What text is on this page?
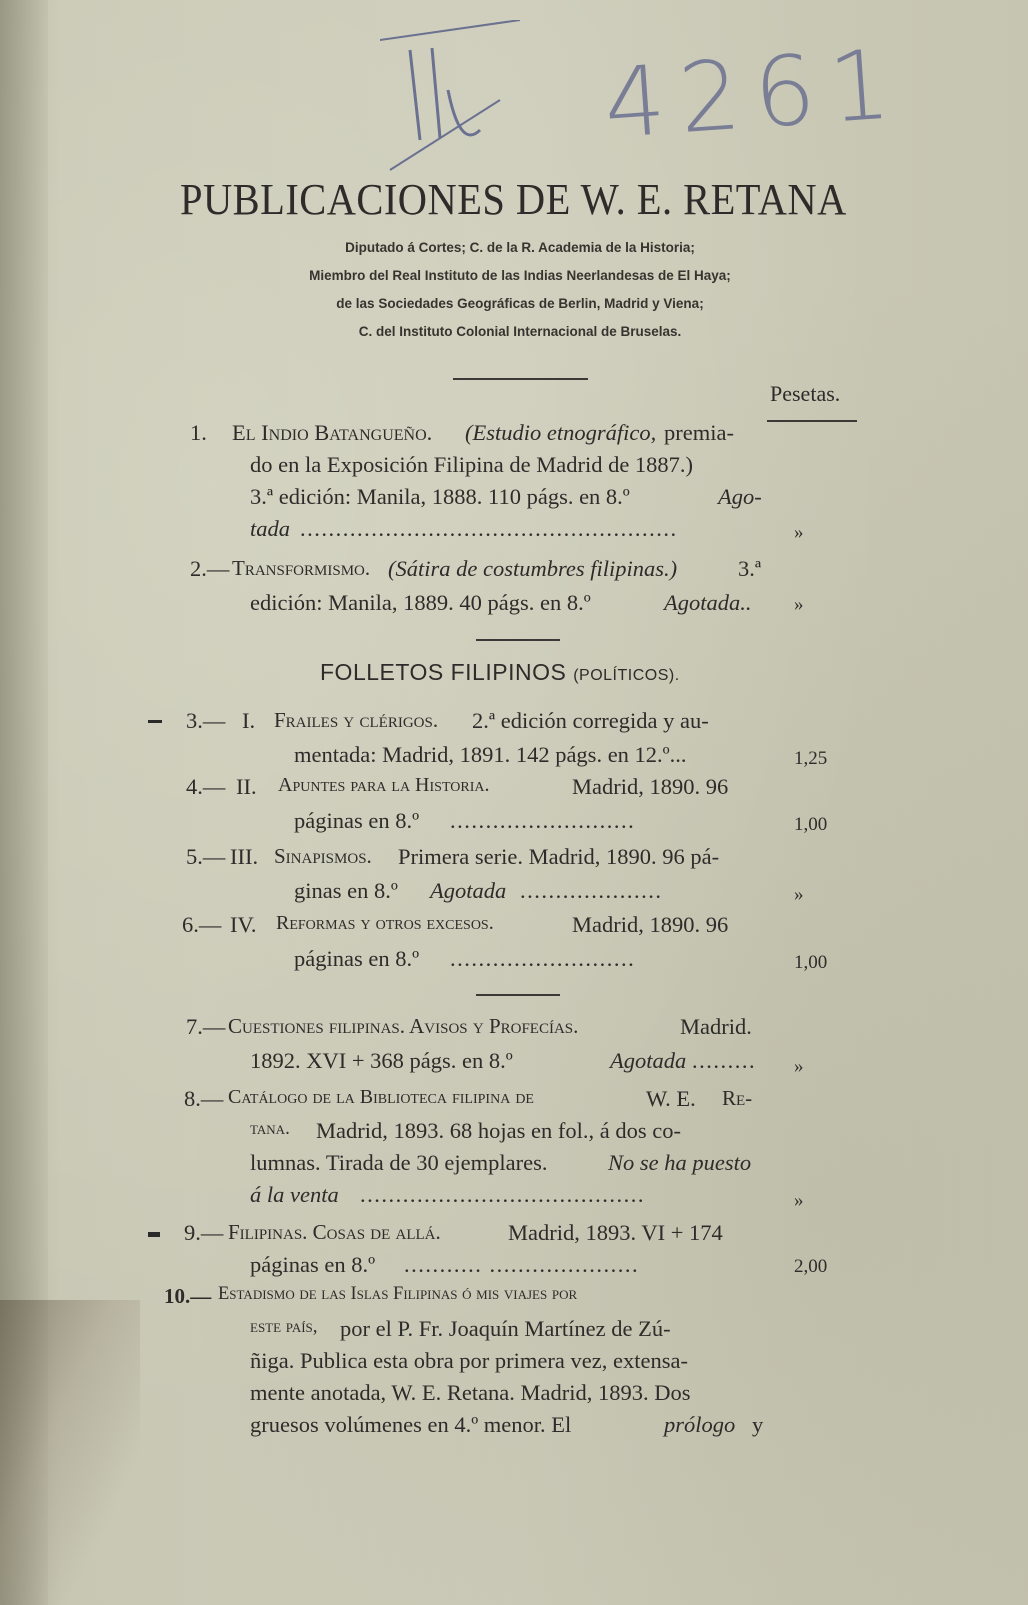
4261
PUBLICACIONES DE W. E. RETANA
Diputado á Cortes; C. de la R. Academia de la Historia;
Miembro del Real Instituto de las Indias Neerlandesas de El Haya;
de las Sociedades Geográficas de Berlin, Madrid y Viena;
C. del Instituto Colonial Internacional de Bruselas.
Pesetas.
1. El Indio Batangueño. (Estudio etnográfico, premia-
do en la Exposición Filipina de Madrid de 1887.)
3.ª edición: Manila, 1888. 110 págs. en 8.º	Ago-
tada .....................................................	»
2.— Transformismo. (Sátira de costumbres filipinas.)	3.ª
edición: Manila, 1889. 40 págs. en 8.º	Agotada.. »
FOLLETOS FILIPINOS (POLÍTICOS).
3.— I. Frailes y clérigos. 2.ª edición corregida y au-
mentada: Madrid, 1891. 142 págs. en 12.º...	1,25
4.— II. Apuntes para la Historia.	Madrid, 1890. 96
páginas en 8.º ..........................	1,00
5.— III. Sinapismos. Primera serie. Madrid, 1890. 96 pá-
ginas en 8.º Agotada ....................	»
6.— IV. Reformas y otros excesos.	Madrid, 1890. 96
páginas en 8.º ..........................	1,00
7.— Cuestiones filipinas. Avisos y Profecías.	Madrid.
1892. XVI + 368 págs. en 8.º	Agotada ......... »
8.— Catálogo de la Biblioteca filipina de	W. E. Re-
tana. Madrid, 1893. 68 hojas en fol., á dos co-
lumnas. Tirada de 30 ejemplares.	No se ha puesto
á la venta ........................................	»
9.— Filipinas. Cosas de allá.	Madrid, 1893. VI + 174
páginas en 8.º ........... .....................	2,00
10.— Estadismo de las Islas Filipinas ó mis viajes por
este país, por el P. Fr. Joaquín Martínez de Zú-
ñiga. Publica esta obra por primera vez, extensa-
mente anotada, W. E. Retana. Madrid, 1893. Dos
gruesos volúmenes en 4.º menor. El	prólogo y
